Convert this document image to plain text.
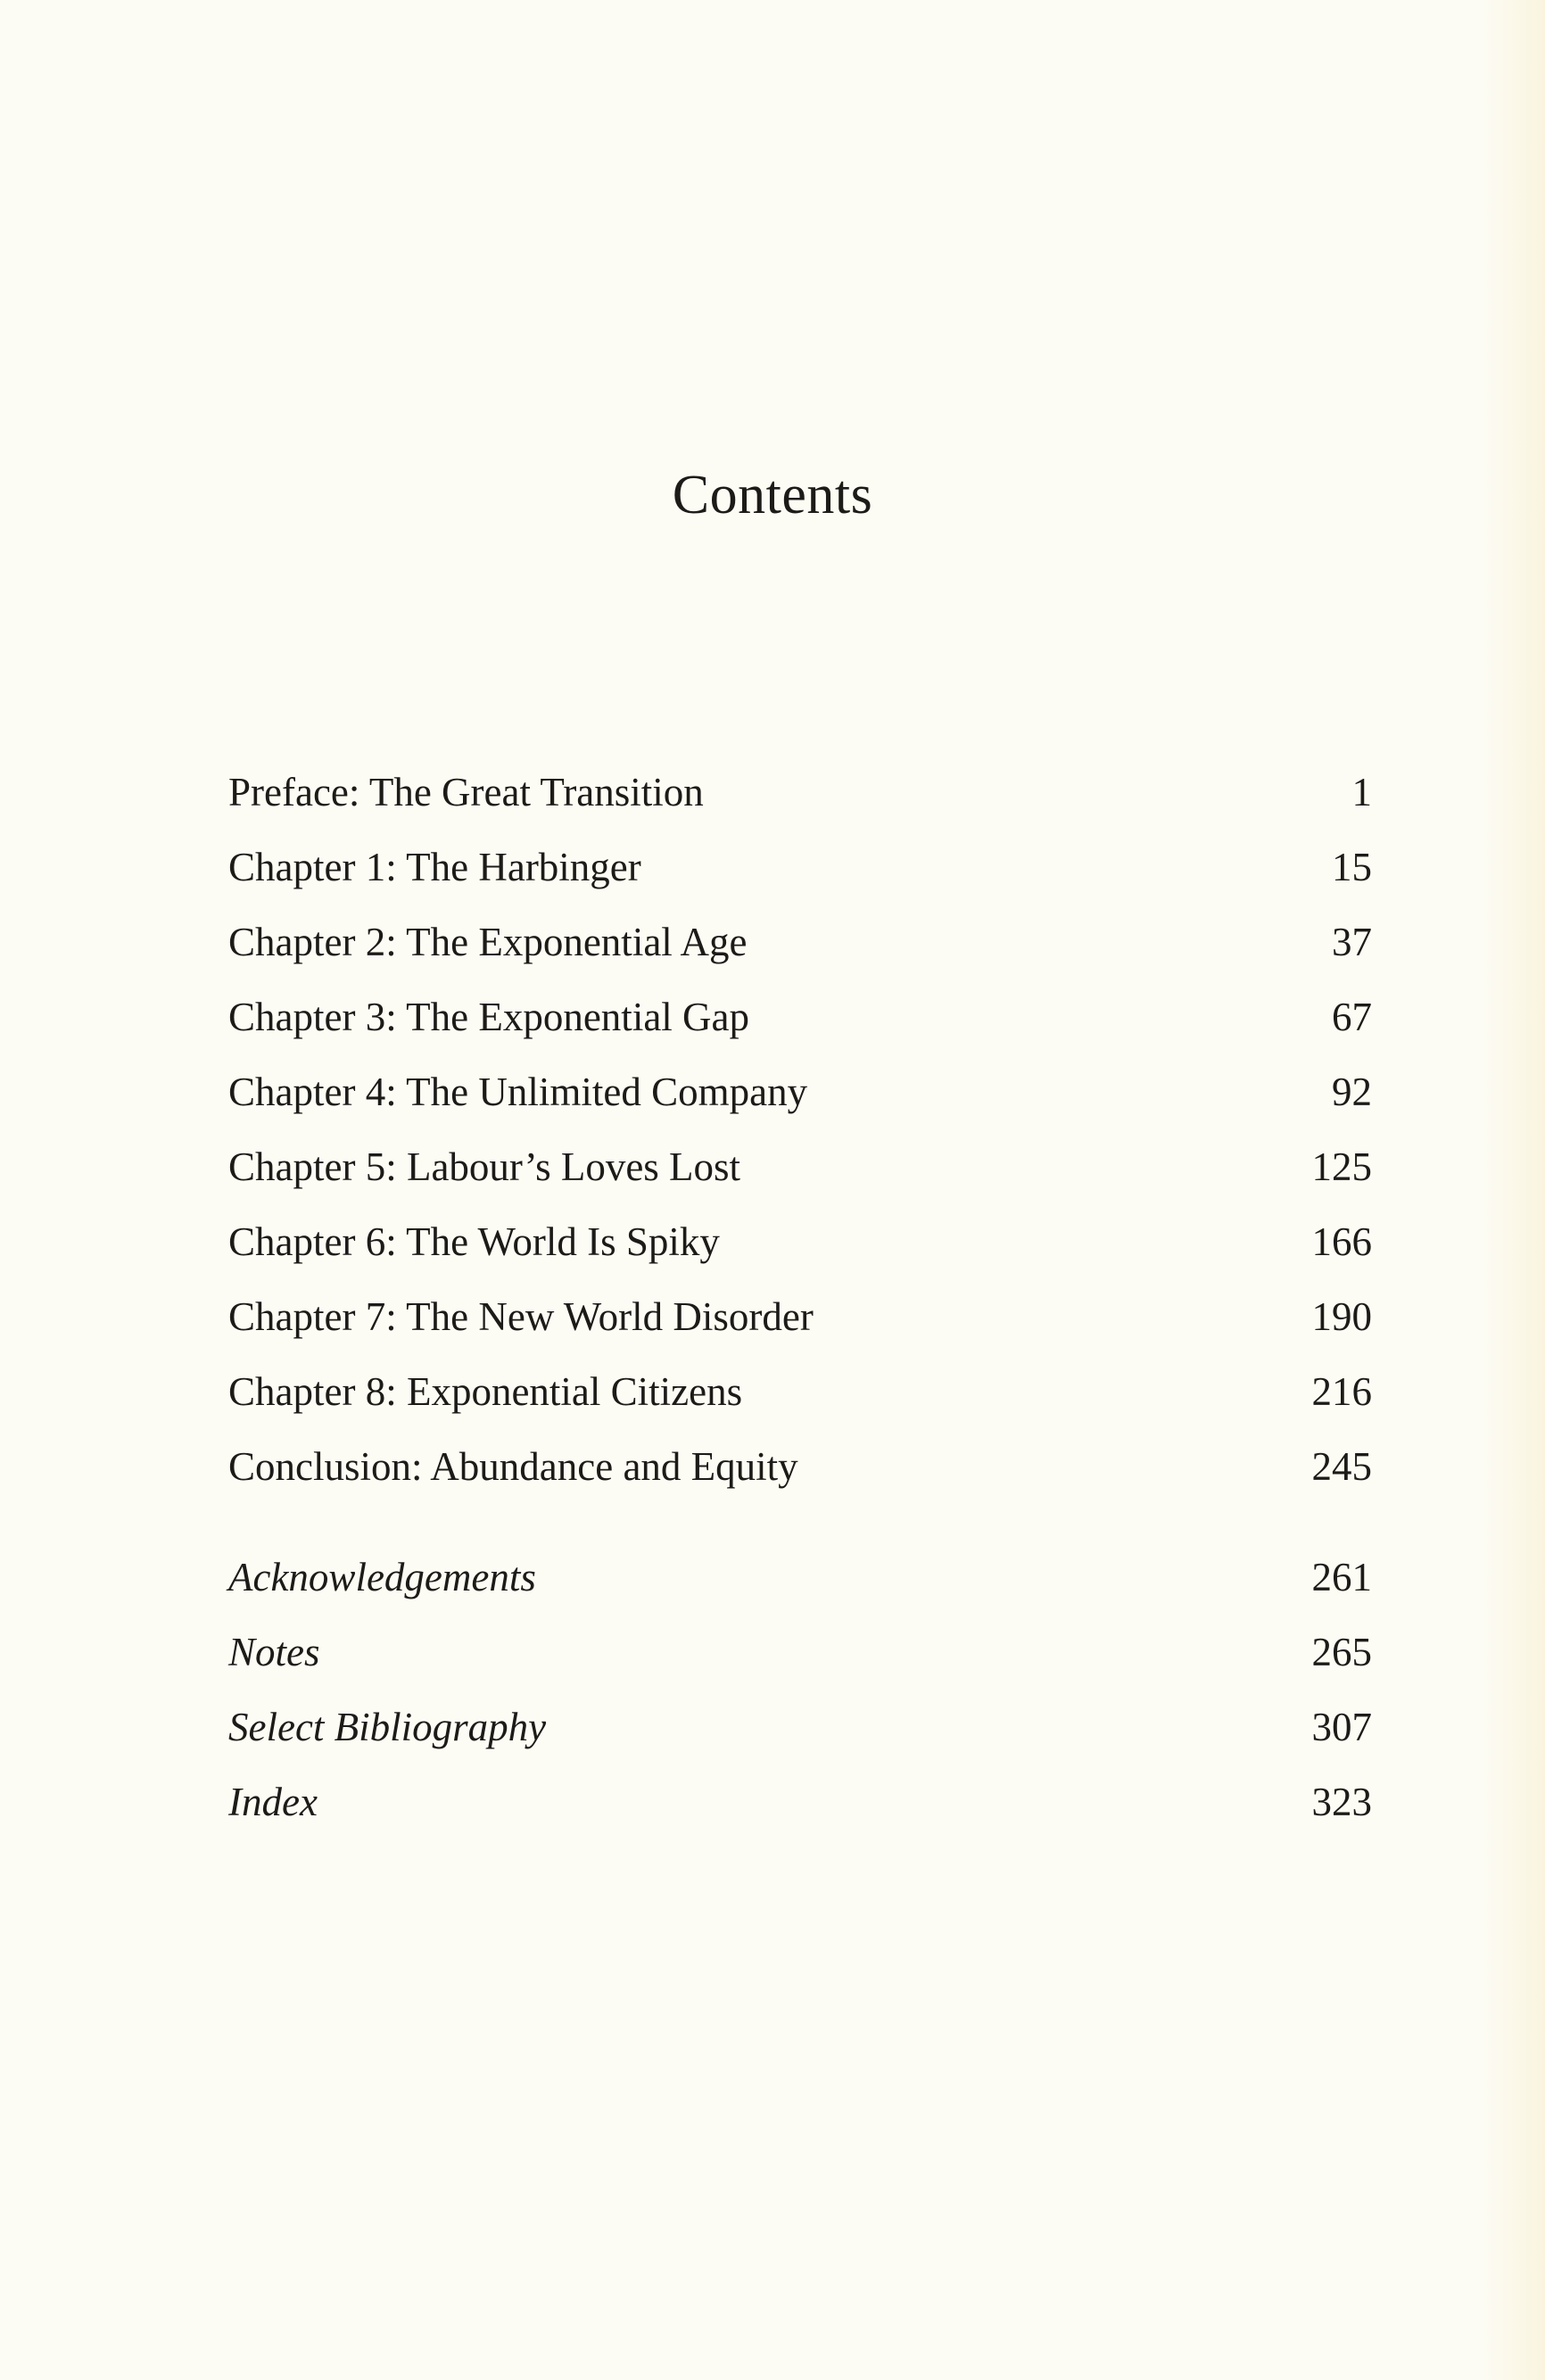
Contents
Preface: The Great Transition	1
Chapter 1: The Harbinger	15
Chapter 2: The Exponential Age	37
Chapter 3: The Exponential Gap	67
Chapter 4: The Unlimited Company	92
Chapter 5: Labour’s Loves Lost	125
Chapter 6: The World Is Spiky	166
Chapter 7: The New World Disorder	190
Chapter 8: Exponential Citizens	216
Conclusion: Abundance and Equity	245
Acknowledgements	261
Notes	265
Select Bibliography	307
Index	323
